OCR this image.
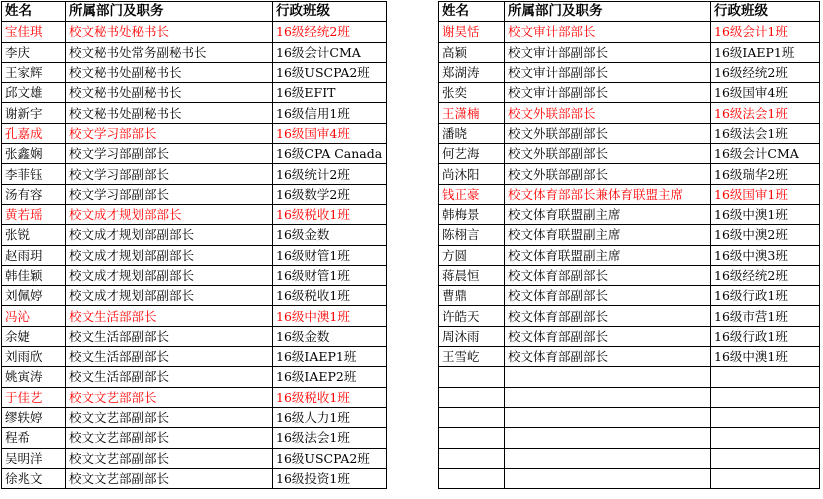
姓名	所属部门及职务	行政班级
宝佳琪	校文秘书处秘书长	16级经统2班
李庆	校文秘书处常务副秘书长	16级会计CMA
王家辉	校文秘书处副秘书长	16级USCPA2班
邱文雄	校文秘书处副秘书长	16级EFIT
谢新宇	校文秘书处副秘书长	16级信用1班
孔嘉成	校文学习部部长	16级国审4班
张鑫娴	校文学习部副部长	16级CPA Canada
李菲钰	校文学习部副部长	16级统计2班
汤有容	校文学习部副部长	16级数学2班
黄若瑶	校文成才规划部部长	16级税收1班
张锐	校文成才规划部副部长	16级金数
赵雨玥	校文成才规划部副部长	16级财管1班
韩佳颖	校文成才规划部副部长	16级财管1班
刘佩婷	校文成才规划部副部长	16级税收1班
冯沁	校文生活部部长	16级中澳1班
余婕	校文生活部副部长	16级金数
刘雨欣	校文生活部副部长	16级IAEP1班
姚寅涛	校文生活部副部长	16级IAEP2班
于佳艺	校文文艺部部长	16级税收1班
缪轶婷	校文文艺部副部长	16级人力1班
程希	校文文艺部副部长	16级法会1班
吴明洋	校文文艺部副部长	16级USCPA2班
徐兆文	校文文艺部副部长	16级投资1班
姓名	所属部门及职务	行政班级
谢昊恬	校文审计部部长	16级会计1班
高颖	校文审计部副部长	16级IAEP1班
郑湖涛	校文审计部副部长	16级经统2班
张奕	校文审计部副部长	16级国审4班
王潇楠	校文外联部部长	16级法会1班
潘晓	校文外联部副部长	16级法会1班
何艺海	校文外联部副部长	16级会计CMA
尚沐阳	校文外联部副部长	16级瑞华2班
钱正豪	校文体育部部长兼体育联盟主席	16级国审1班
韩梅景	校文体育联盟副主席	16级中澳1班
陈栩言	校文体育联盟副主席	16级中澳2班
方圆	校文体育联盟副主席	16级中澳3班
蒋晨恒	校文体育部副部长	16级经统2班
曹鼎	校文体育部副部长	16级行政1班
许皓天	校文体育部副部长	16级市营1班
周沐雨	校文体育部副部长	16级行政1班
王雪屹	校文体育部副部长	16级中澳1班
